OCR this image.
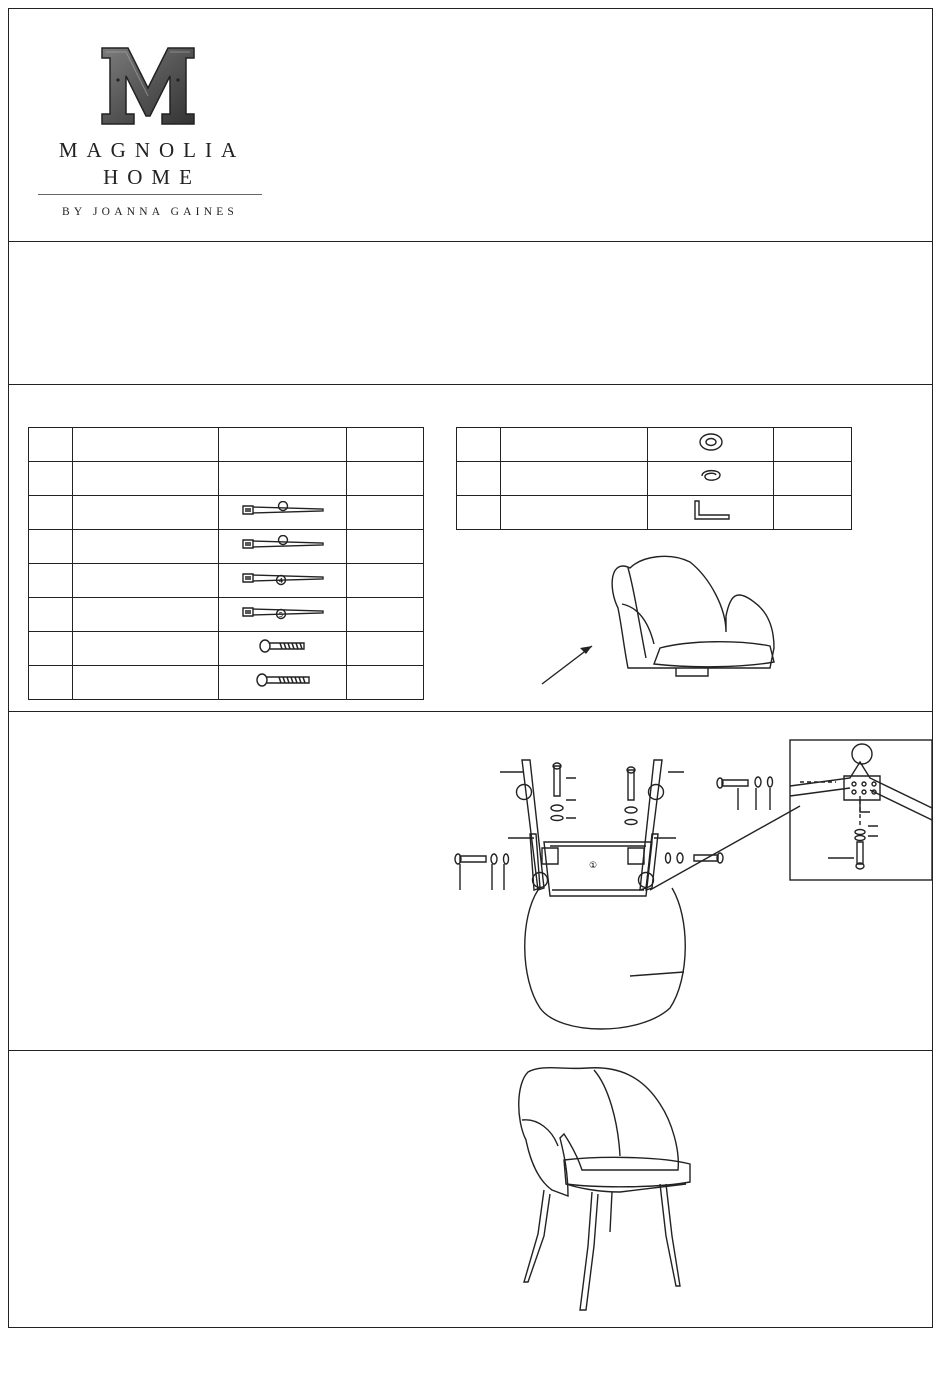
MAGNOLIA
HOME
BY JOANNA GAINES

4	

5	

①
